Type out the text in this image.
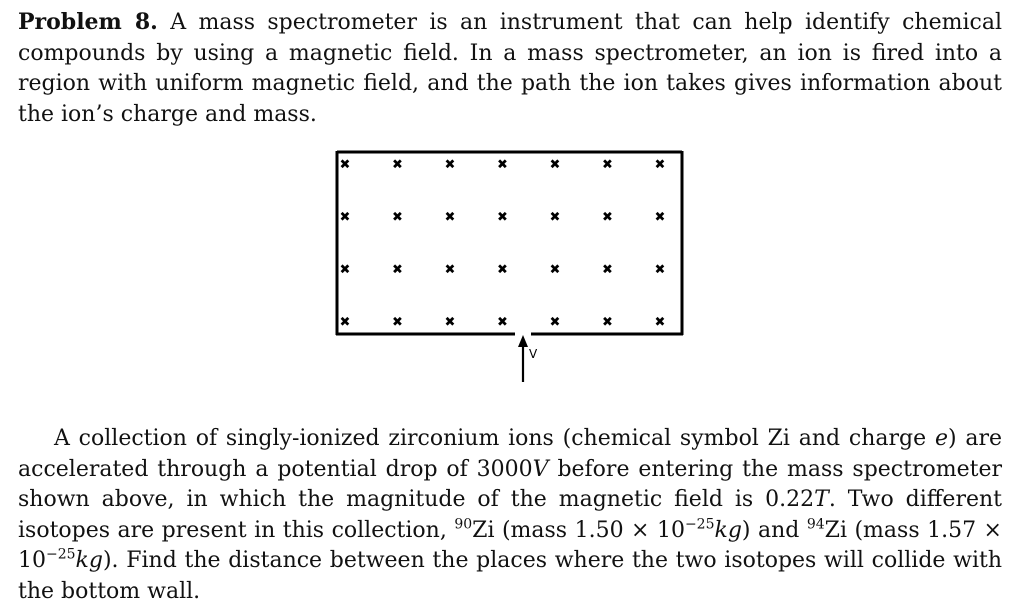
Problem 8. A mass spectrometer is an instrument that can help identify chemical compounds by using a magnetic field. In a mass spectrometer, an ion is fired into a region with uniform magnetic field, and the path the ion takes gives information about the ion’s charge and mass.
✖	✖	✖	✖	✖	✖	✖
✖	✖	✖	✖	✖	✖	✖
✖	✖	✖	✖	✖	✖	✖
✖	✖	✖	✖	✖	✖	✖
V
A collection of singly-ionized zirconium ions (chemical symbol Zi and charge e) are accelerated through a potential drop of 3000V before entering the mass spectrometer shown above, in which the magnitude of the magnetic field is 0.22T. Two different isotopes are present in this collection, $^{90}$Zi (mass $1.50 \times 10^{-25}kg$) and $^{94}$Zi (mass $1.57 \times 10^{-25}kg$). Find the distance between the places where the two isotopes will collide with the bottom wall.
